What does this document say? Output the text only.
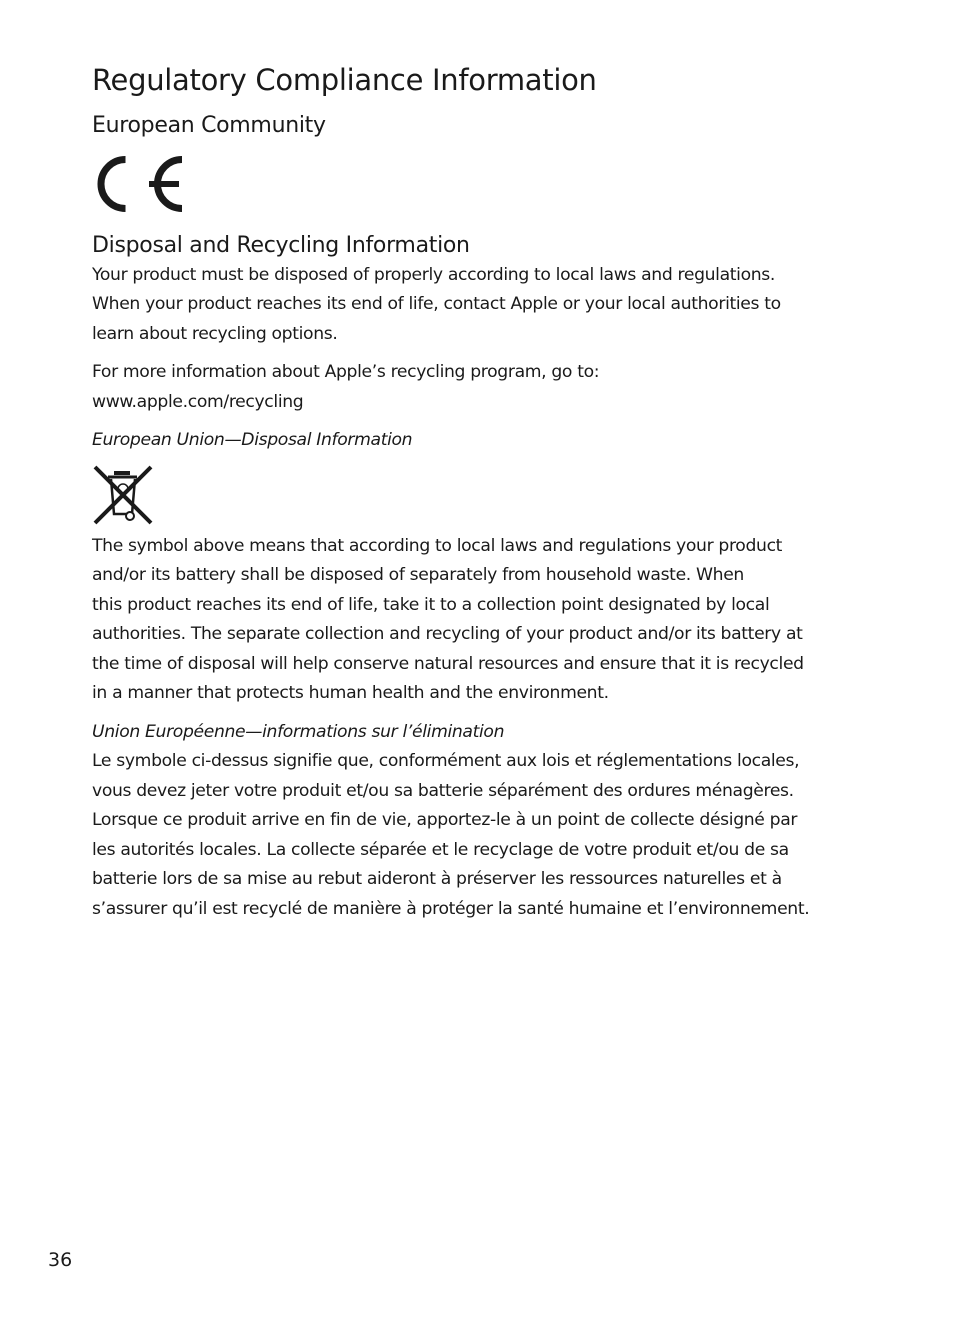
Regulatory Compliance Information
European Community
Disposal and Recycling Information

Your product must be disposed of properly according to local laws and regulations.
When your product reaches its end of life, contact Apple or your local authorities to
learn about recycling options.

For more information about Apple’s recycling program, go to:
www.apple.com/recycling

European Union—Disposal Information

The symbol above means that according to local laws and regulations your product
and/or its battery shall be disposed of separately from household waste. When
this product reaches its end of life, take it to a collection point designated by local
authorities. The separate collection and recycling of your product and/or its battery at
the time of disposal will help conserve natural resources and ensure that it is recycled
in a manner that protects human health and the environment.

Union Européenne—informations sur l’élimination

Le symbole ci-dessus signifie que, conformément aux lois et réglementations locales,
vous devez jeter votre produit et/ou sa batterie séparément des ordures ménagères.
Lorsque ce produit arrive en fin de vie, apportez-le à un point de collecte désigné par
les autorités locales. La collecte séparée et le recyclage de votre produit et/ou de sa
batterie lors de sa mise au rebut aideront à préserver les ressources naturelles et à
s’assurer qu’il est recyclé de manière à protéger la santé humaine et l’environnement.

36
